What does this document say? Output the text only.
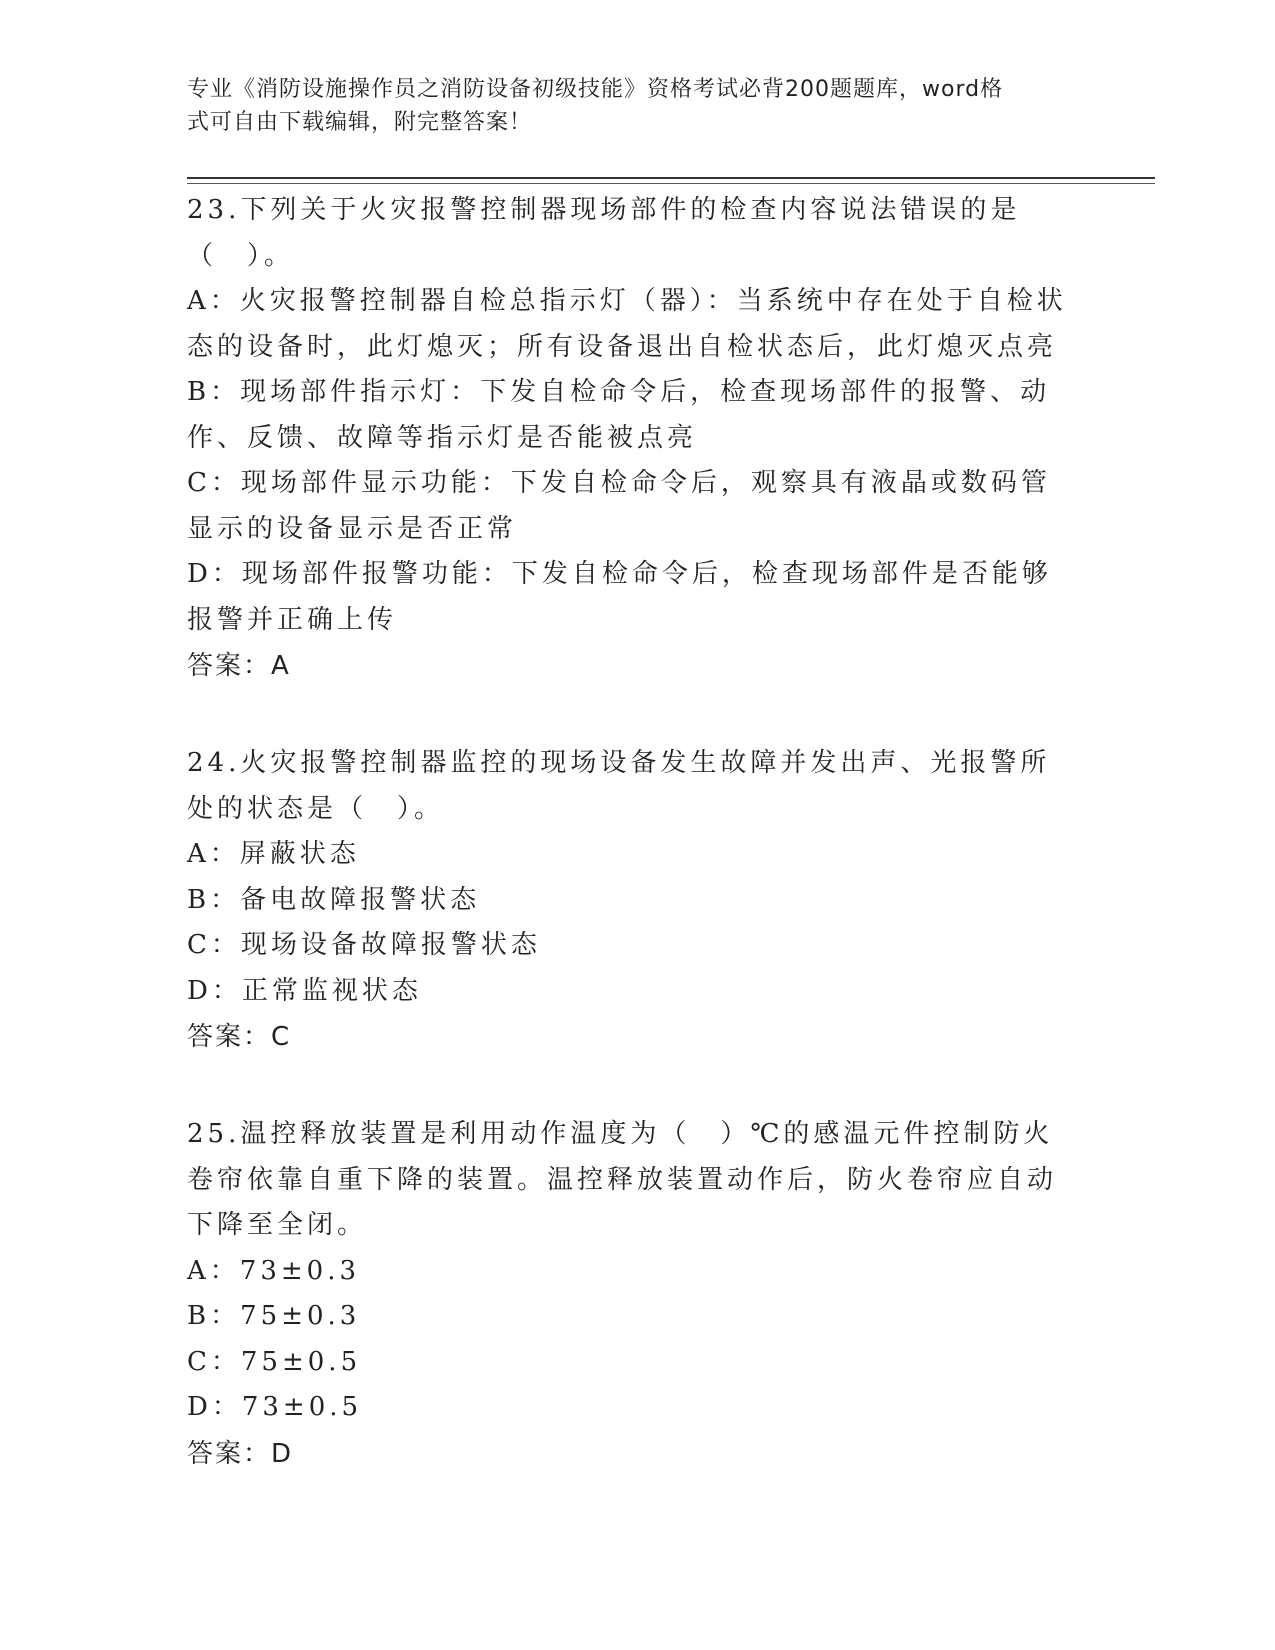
专业《消防设施操作员之消防设备初级技能》资格考试必背200题题库，word格
式可自由下载编辑，附完整答案！

23.下列关于火灾报警控制器现场部件的检查内容说法错误的是（　）。

A：火灾报警控制器自检总指示灯（器）：当系统中存在处于自检状态的设备时，此灯熄灭；所有设备退出自检状态后，此灯熄灭点亮

B：现场部件指示灯：下发自检命令后，检查现场部件的报警、动作、反馈、故障等指示灯是否能被点亮

C：现场部件显示功能：下发自检命令后，观察具有液晶或数码管显示的设备显示是否正常

D：现场部件报警功能：下发自检命令后，检查现场部件是否能够报警并正确上传

答案：A

24.火灾报警控制器监控的现场设备发生故障并发出声、光报警所处的状态是（　）。

A：屏蔽状态

B：备电故障报警状态

C：现场设备故障报警状态

D：正常监视状态

答案：C

25.温控释放装置是利用动作温度为（　）℃的感温元件控制防火卷帘依靠自重下降的装置。温控释放装置动作后，防火卷帘应自动下降至全闭。

A：73±0.3

B：75±0.3

C：75±0.5

D：73±0.5

答案：D
